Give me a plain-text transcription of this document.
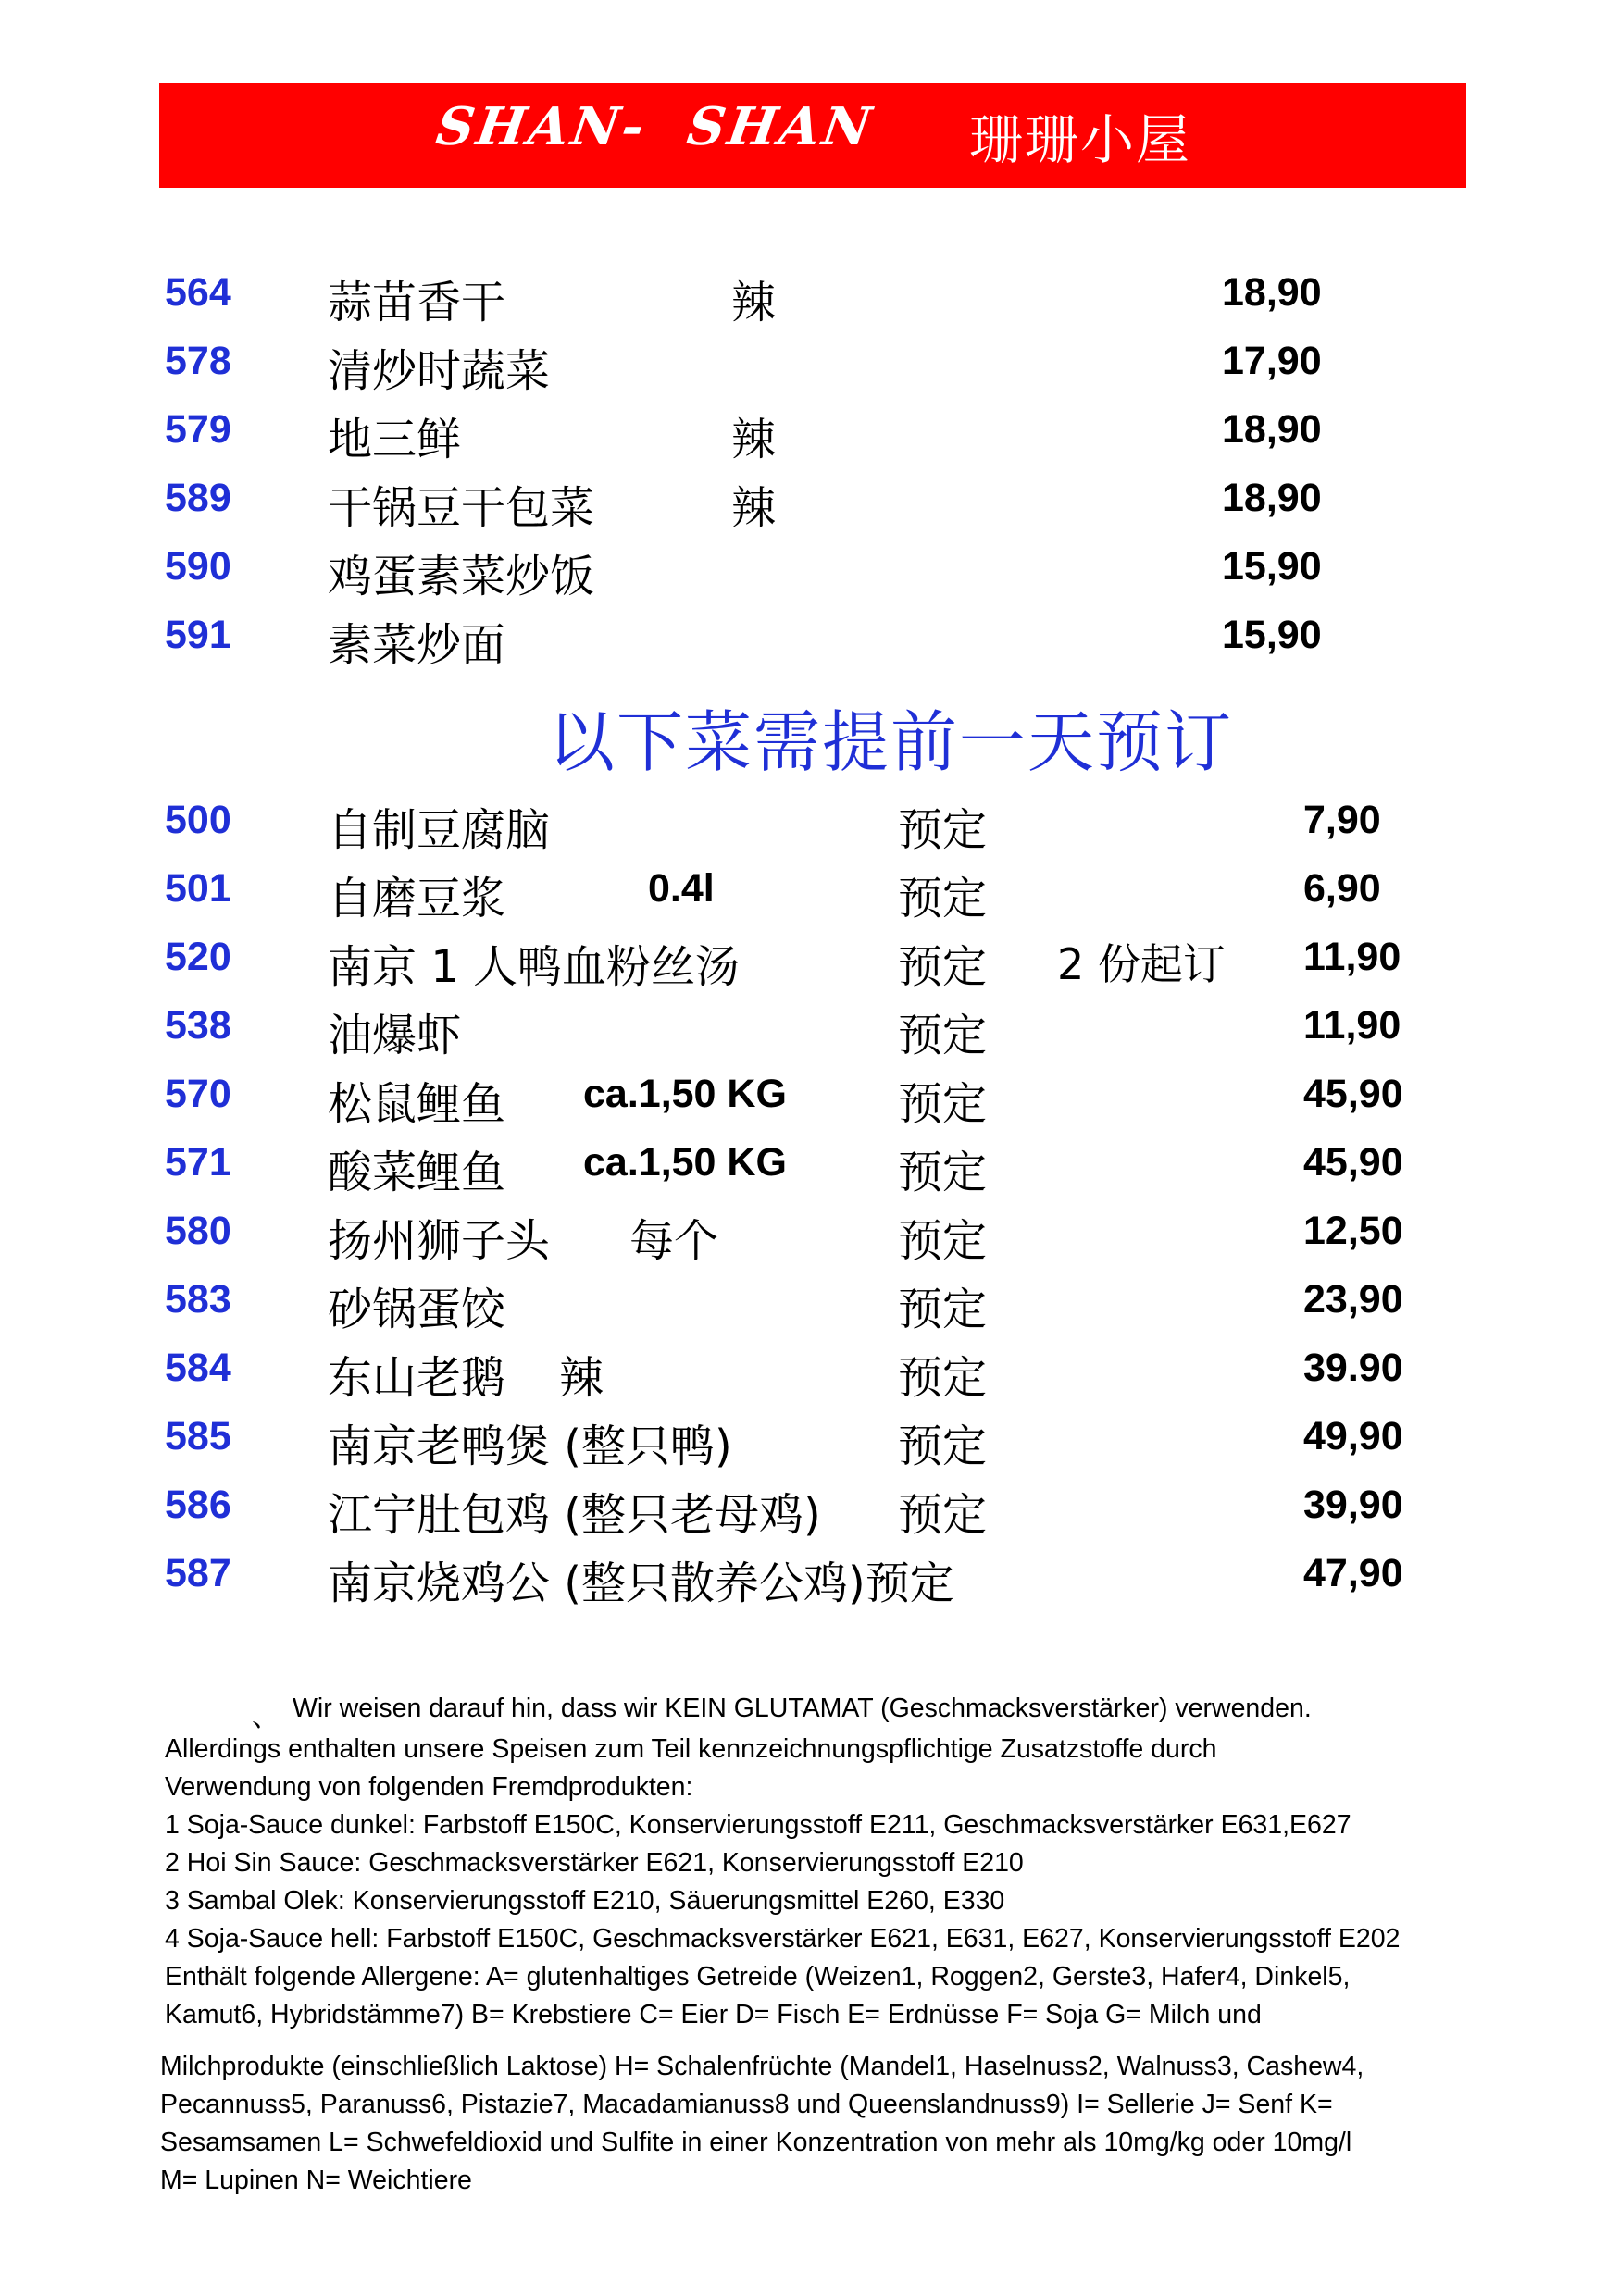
SHAN-  SHAN 珊珊小屋
564 蒜苗香干	辣	18,90
578 清炒时蔬菜	17,90
579 地三鲜	辣	18,90
589 干锅豆干包菜	辣	18,90
590 鸡蛋素菜炒饭	15,90
591 素菜炒面	15,90
以下菜需提前一天预订
500 自制豆腐脑	预定	7,90
501 自磨豆浆	0.4l	预定	6,90
520 南京 1 人鸭血粉丝汤	预定 2 份起订 11,90
538 油爆虾	预定	11,90
570 松鼠鲤鱼 ca.1,50 KG	预定	45,90
571 酸菜鲤鱼 ca.1,50 KG	预定	45,90
580 扬州狮子头 每个	预定	12,50
583 砂锅蛋饺	预定	23,90
584 东山老鹅 辣	预定	39.90
585 南京老鸭煲 (整只鸭)	预定	49,90
586 江宁肚包鸡 (整只老母鸡) 预定	39,90
587 南京烧鸡公 (整只散养公鸡)预定	47,90
、 Wir weisen darauf hin, dass wir KEIN GLUTAMAT (Geschmacksverstärker) verwenden.
Allerdings enthalten unsere Speisen zum Teil kennzeichnungspflichtige Zusatzstoffe durch
Verwendung von folgenden Fremdprodukten:
1 Soja-Sauce dunkel: Farbstoff E150C, Konservierungsstoff E211, Geschmacksverstärker E631,E627
2 Hoi Sin Sauce: Geschmacksverstärker E621, Konservierungsstoff E210
3 Sambal Olek: Konservierungsstoff E210, Säuerungsmittel E260, E330
4 Soja-Sauce hell: Farbstoff E150C, Geschmacksverstärker E621, E631, E627, Konservierungsstoff E202
Enthält folgende Allergene: A= glutenhaltiges Getreide (Weizen1, Roggen2, Gerste3, Hafer4, Dinkel5,
Kamut6, Hybridstämme7) B= Krebstiere C= Eier D= Fisch E= Erdnüsse F= Soja G= Milch und
Milchprodukte (einschließlich Laktose) H= Schalenfrüchte (Mandel1, Haselnuss2, Walnuss3, Cashew4,
Pecannuss5, Paranuss6, Pistazie7, Macadamianuss8 und Queenslandnuss9) I= Sellerie J= Senf K=
Sesamsamen L= Schwefeldioxid und Sulfite in einer Konzentration von mehr als 10mg/kg oder 10mg/l
M= Lupinen N= Weichtiere
